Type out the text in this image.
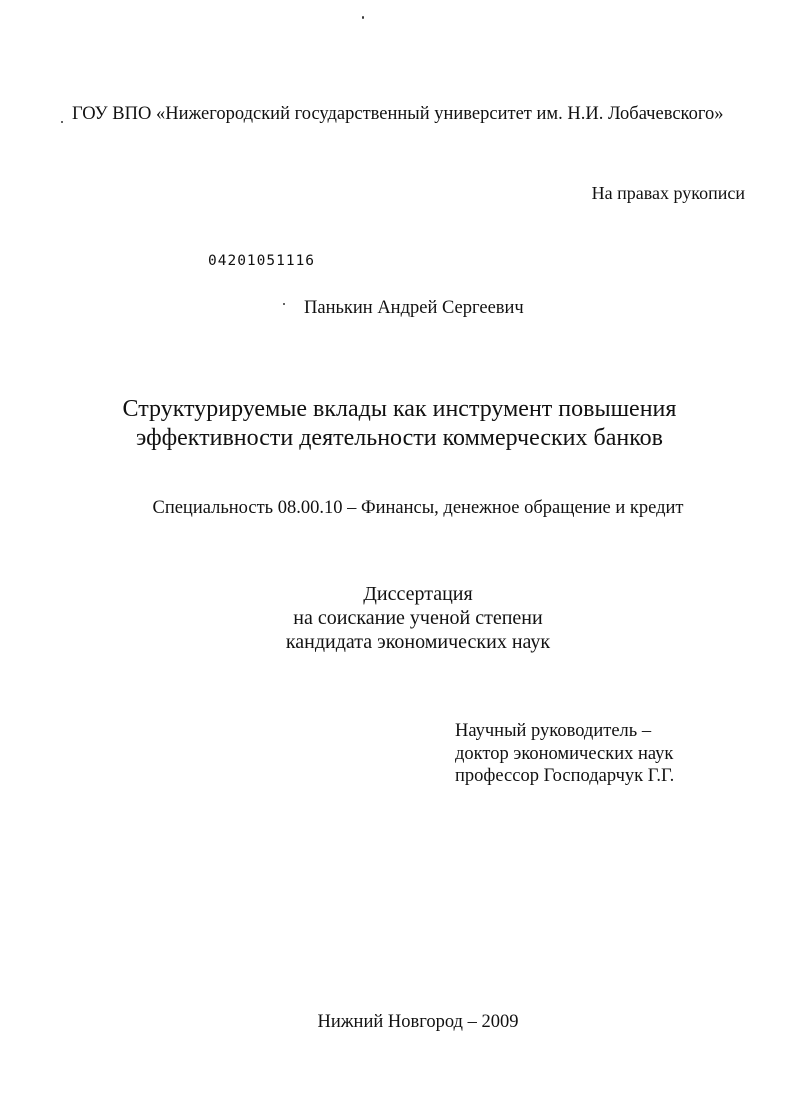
ГОУ ВПО «Нижегородский государственный университет им. Н.И. Лобачевского»
На правах рукописи
04201051116
Панькин Андрей Сергеевич
Структурируемые вклады как инструмент повышения
эффективности деятельности коммерческих банков
Специальность 08.00.10 – Финансы, денежное обращение и кредит
Диссертация
на соискание ученой степени
кандидата экономических наук
Научный руководитель –
доктор экономических наук
профессор Господарчук Г.Г.
Нижний Новгород – 2009
